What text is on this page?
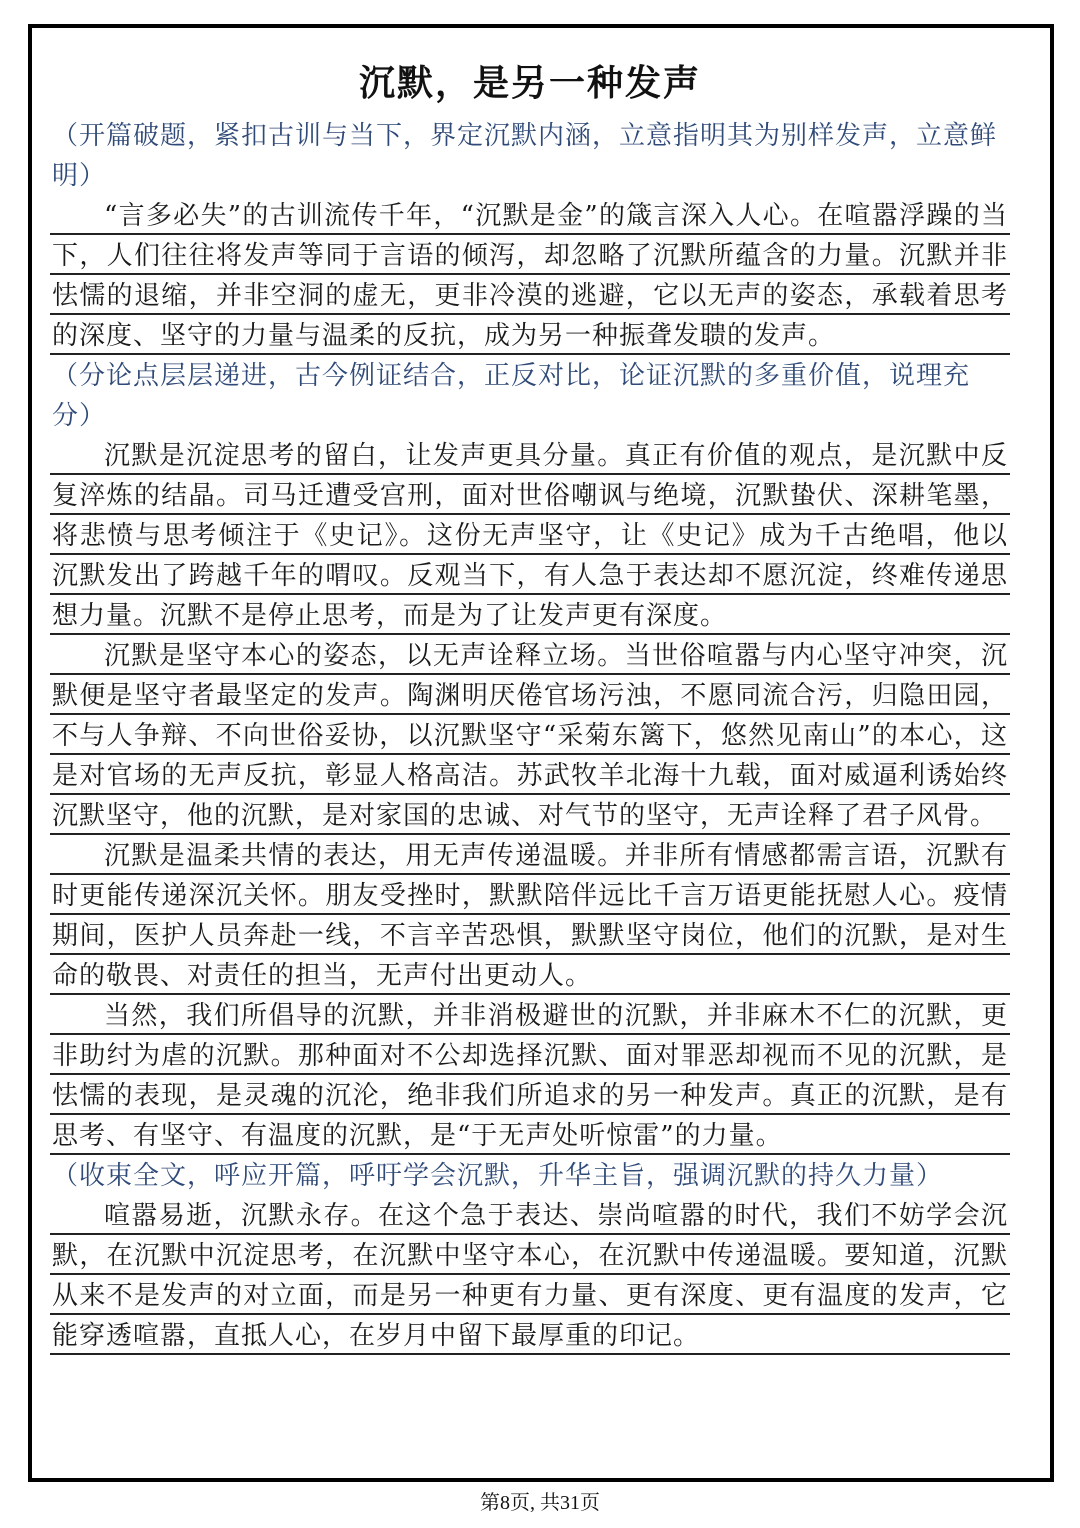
沉默，是另一种发声

（开篇破题，紧扣古训与当下，界定沉默内涵，立意指明其为别样发声，立意鲜明）

“言多必失”的古训流传千年，“沉默是金”的箴言深入人心。在喧嚣浮躁的当下，人们往往将发声等同于言语的倾泻，却忽略了沉默所蕴含的力量。沉默并非怯懦的退缩，并非空洞的虚无，更非冷漠的逃避，它以无声的姿态，承载着思考的深度、坚守的力量与温柔的反抗，成为另一种振聋发聩的发声。

（分论点层层递进，古今例证结合，正反对比，论证沉默的多重价值，说理充分）

沉默是沉淀思考的留白，让发声更具分量。真正有价值的观点，是沉默中反复淬炼的结晶。司马迁遭受宫刑，面对世俗嘲讽与绝境，沉默蛰伏、深耕笔墨，将悲愤与思考倾注于《史记》。这份无声坚守，让《史记》成为千古绝唱，他以沉默发出了跨越千年的喟叹。反观当下，有人急于表达却不愿沉淀，终难传递思想力量。沉默不是停止思考，而是为了让发声更有深度。

沉默是坚守本心的姿态，以无声诠释立场。当世俗喧嚣与内心坚守冲突，沉默便是坚守者最坚定的发声。陶渊明厌倦官场污浊，不愿同流合污，归隐田园，不与人争辩、不向世俗妥协，以沉默坚守“采菊东篱下，悠然见南山”的本心，这是对官场的无声反抗，彰显人格高洁。苏武牧羊北海十九载，面对威逼利诱始终沉默坚守，他的沉默，是对家国的忠诚、对气节的坚守，无声诠释了君子风骨。

沉默是温柔共情的表达，用无声传递温暖。并非所有情感都需言语，沉默有时更能传递深沉关怀。朋友受挫时，默默陪伴远比千言万语更能抚慰人心。疫情期间，医护人员奔赴一线，不言辛苦恐惧，默默坚守岗位，他们的沉默，是对生命的敬畏、对责任的担当，无声付出更动人。

当然，我们所倡导的沉默，并非消极避世的沉默，并非麻木不仁的沉默，更非助纣为虐的沉默。那种面对不公却选择沉默、面对罪恶却视而不见的沉默，是怯懦的表现，是灵魂的沉沦，绝非我们所追求的另一种发声。真正的沉默，是有思考、有坚守、有温度的沉默，是“于无声处听惊雷”的力量。

（收束全文，呼应开篇，呼吁学会沉默，升华主旨，强调沉默的持久力量）

喧嚣易逝，沉默永存。在这个急于表达、崇尚喧嚣的时代，我们不妨学会沉默，在沉默中沉淀思考，在沉默中坚守本心，在沉默中传递温暖。要知道，沉默从来不是发声的对立面，而是另一种更有力量、更有深度、更有温度的发声，它能穿透喧嚣，直抵人心，在岁月中留下最厚重的印记。

第8页, 共31页
